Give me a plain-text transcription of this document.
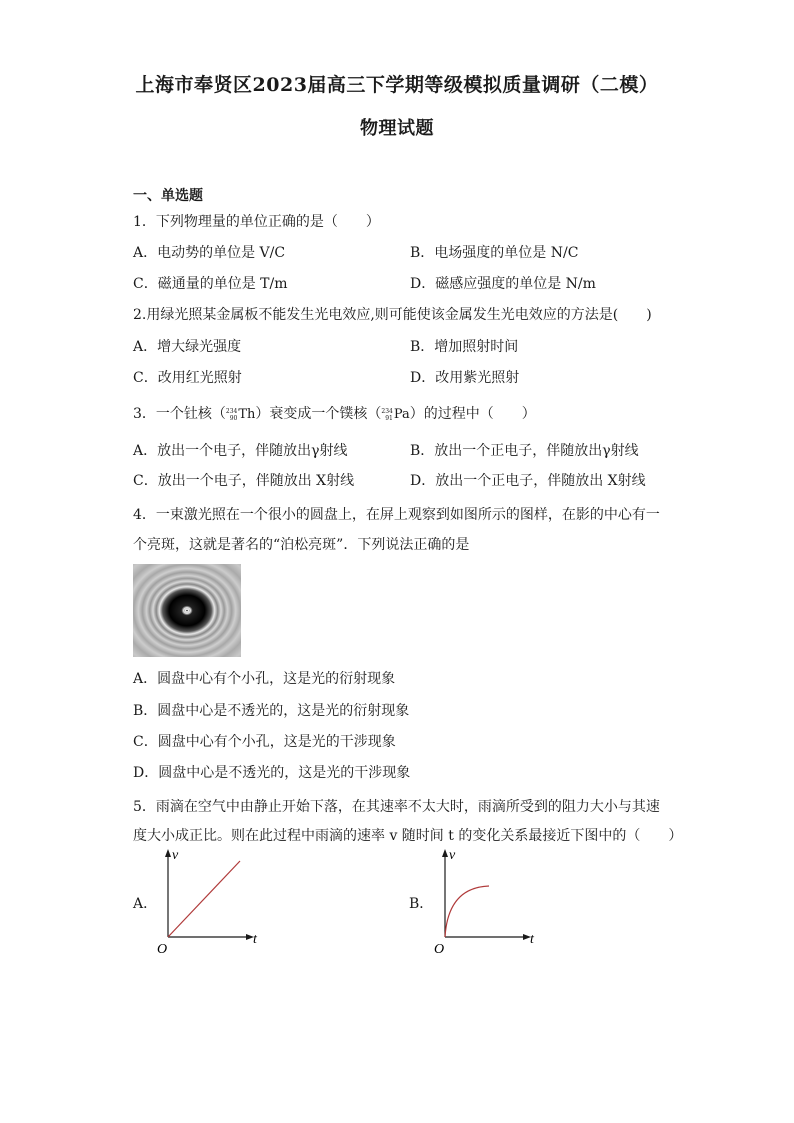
上海市奉贤区2023届高三下学期等级模拟质量调研（二模）
物理试题
一、单选题
1．下列物理量的单位正确的是（　　）
A．电动势的单位是 V/C	B．电场强度的单位是 N/C
C．磁通量的单位是 T/m	D．磁感应强度的单位是 N/m
2.用绿光照某金属板不能发生光电效应,则可能使该金属发生光电效应的方法是(　　)
A．增大绿光强度	B．增加照射时间
C．改用红光照射	D．改用紫光照射
3．一个钍核（234
90Th）衰变成一个镤核（234
91Pa）的过程中（　　）
A．放出一个电子，伴随放出γ射线	B．放出一个正电子，伴随放出γ射线
C．放出一个电子，伴随放出 X射线	D．放出一个正电子，伴随放出 X射线
4．一束激光照在一个很小的圆盘上，在屏上观察到如图所示的图样，在影的中心有一
个亮斑，这就是著名的“泊松亮斑”．下列说法正确的是
A．圆盘中心有个小孔，这是光的衍射现象
B．圆盘中心是不透光的，这是光的衍射现象
C．圆盘中心有个小孔，这是光的干涉现象
D．圆盘中心是不透光的，这是光的干涉现象
5．雨滴在空气中由静止开始下落，在其速率不太大时，雨滴所受到的阻力大小与其速
度大小成正比。则在此过程中雨滴的速率 v 随时间 t 的变化关系最接近下图中的（　　）
A．
v
t
O
B．
v
t
O
